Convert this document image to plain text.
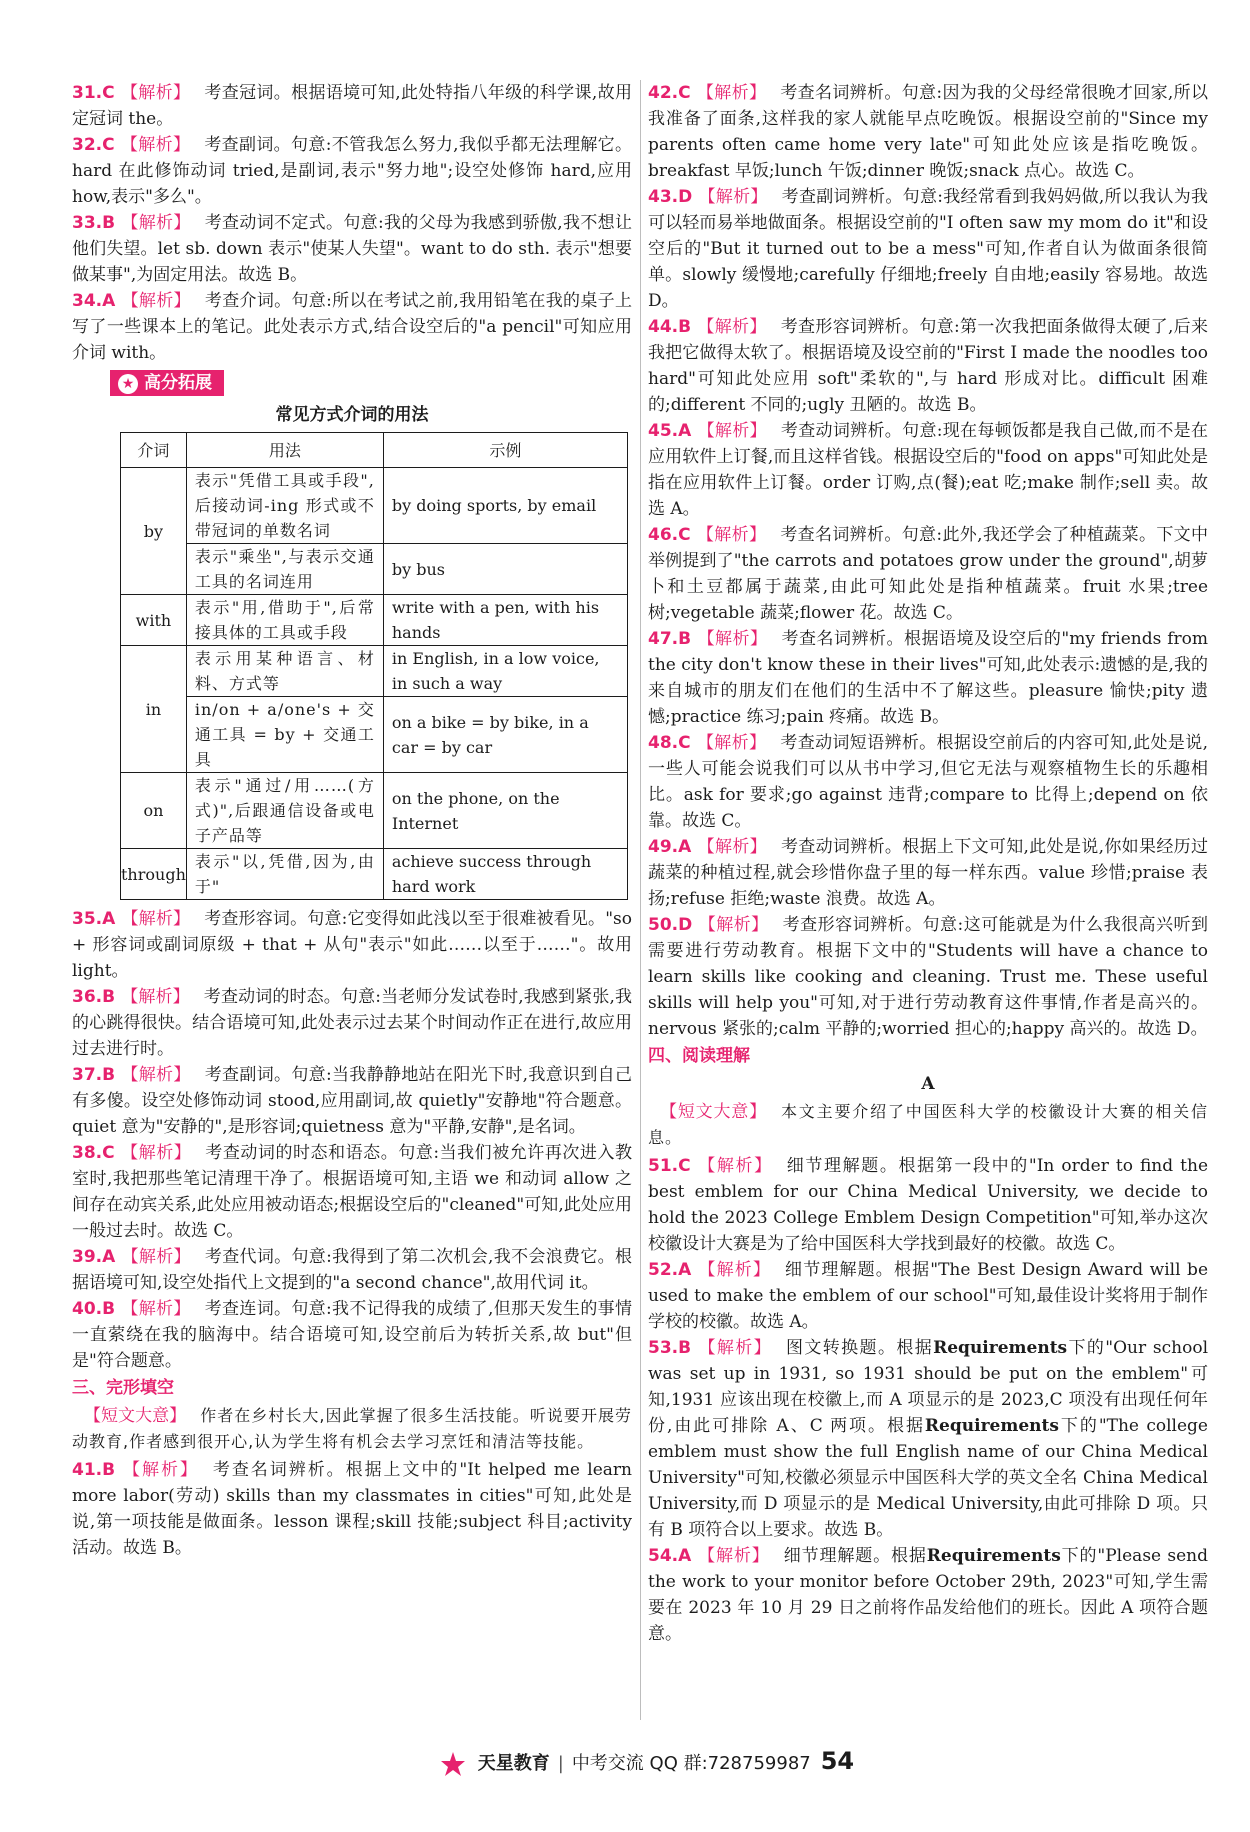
31.C 【解析】 考查冠词。根据语境可知,此处特指八年级的科学课,故用定冠词 the。

32.C 【解析】 考查副词。句意:不管我怎么努力,我似乎都无法理解它。hard 在此修饰动词 tried,是副词,表示"努力地";设空处修饰 hard,应用 how,表示"多么"。

33.B 【解析】 考查动词不定式。句意:我的父母为我感到骄傲,我不想让他们失望。let sb. down 表示"使某人失望"。want to do sth. 表示"想要做某事",为固定用法。故选 B。

34.A 【解析】 考查介词。句意:所以在考试之前,我用铅笔在我的桌子上写了一些课本上的笔记。此处表示方式,结合设空后的"a pencil"可知应用介词 with。

★ 高分拓展
常见方式介词的用法
介词	用法	示例
by	表示"凭借工具或手段",后接动词-ing 形式或不带冠词的单数名词	by doing sports, by email
	表示"乘坐",与表示交通工具的名词连用	by bus
with	表示"用,借助于",后常接具体的工具或手段	write with a pen, with his hands
in	表示用某种语言、材料、方式等	in English, in a low voice, in such a way
	in/on + a/one's + 交通工具 = by + 交通工具	on a bike = by bike, in a car = by car
on	表示"通过/用……(方式)",后跟通信设备或电子产品等	on the phone, on the Internet
through	表示"以,凭借,因为,由于"	achieve success through hard work

35.A 【解析】 考查形容词。句意:它变得如此浅以至于很难被看见。"so + 形容词或副词原级 + that + 从句"表示"如此……以至于……"。故用 light。

36.B 【解析】 考查动词的时态。句意:当老师分发试卷时,我感到紧张,我的心跳得很快。结合语境可知,此处表示过去某个时间动作正在进行,故应用过去进行时。

37.B 【解析】 考查副词。句意:当我静静地站在阳光下时,我意识到自己有多傻。设空处修饰动词 stood,应用副词,故 quietly"安静地"符合题意。quiet 意为"安静的",是形容词;quietness 意为"平静,安静",是名词。

38.C 【解析】 考查动词的时态和语态。句意:当我们被允许再次进入教室时,我把那些笔记清理干净了。根据语境可知,主语 we 和动词 allow 之间存在动宾关系,此处应用被动语态;根据设空后的"cleaned"可知,此处应用一般过去时。故选 C。

39.A 【解析】 考查代词。句意:我得到了第二次机会,我不会浪费它。根据语境可知,设空处指代上文提到的"a second chance",故用代词 it。

40.B 【解析】 考查连词。句意:我不记得我的成绩了,但那天发生的事情一直萦绕在我的脑海中。结合语境可知,设空前后为转折关系,故 but"但是"符合题意。

三、完形填空

【短文大意】 作者在乡村长大,因此掌握了很多生活技能。听说要开展劳动教育,作者感到很开心,认为学生将有机会去学习烹饪和清洁等技能。

41.B 【解析】 考查名词辨析。根据上文中的"It helped me learn more labor(劳动) skills than my classmates in cities"可知,此处是说,第一项技能是做面条。lesson 课程;skill 技能;subject 科目;activity 活动。故选 B。

42.C 【解析】 考查名词辨析。句意:因为我的父母经常很晚才回家,所以我准备了面条,这样我的家人就能早点吃晚饭。根据设空前的"Since my parents often came home very late"可知此处应该是指吃晚饭。breakfast 早饭;lunch 午饭;dinner 晚饭;snack 点心。故选 C。

43.D 【解析】 考查副词辨析。句意:我经常看到我妈妈做,所以我认为我可以轻而易举地做面条。根据设空前的"I often saw my mom do it"和设空后的"But it turned out to be a mess"可知,作者自认为做面条很简单。slowly 缓慢地;carefully 仔细地;freely 自由地;easily 容易地。故选 D。

44.B 【解析】 考查形容词辨析。句意:第一次我把面条做得太硬了,后来我把它做得太软了。根据语境及设空前的"First I made the noodles too hard"可知此处应用 soft"柔软的",与 hard 形成对比。difficult 困难的;different 不同的;ugly 丑陋的。故选 B。

45.A 【解析】 考查动词辨析。句意:现在每顿饭都是我自己做,而不是在应用软件上订餐,而且这样省钱。根据设空后的"food on apps"可知此处是指在应用软件上订餐。order 订购,点(餐);eat 吃;make 制作;sell 卖。故选 A。

46.C 【解析】 考查名词辨析。句意:此外,我还学会了种植蔬菜。下文中举例提到了"the carrots and potatoes grow under the ground",胡萝卜和土豆都属于蔬菜,由此可知此处是指种植蔬菜。fruit 水果;tree 树;vegetable 蔬菜;flower 花。故选 C。

47.B 【解析】 考查名词辨析。根据语境及设空后的"my friends from the city don't know these in their lives"可知,此处表示:遗憾的是,我的来自城市的朋友们在他们的生活中不了解这些。pleasure 愉快;pity 遗憾;practice 练习;pain 疼痛。故选 B。

48.C 【解析】 考查动词短语辨析。根据设空前后的内容可知,此处是说,一些人可能会说我们可以从书中学习,但它无法与观察植物生长的乐趣相比。ask for 要求;go against 违背;compare to 比得上;depend on 依靠。故选 C。

49.A 【解析】 考查动词辨析。根据上下文可知,此处是说,你如果经历过蔬菜的种植过程,就会珍惜你盘子里的每一样东西。value 珍惜;praise 表扬;refuse 拒绝;waste 浪费。故选 A。

50.D 【解析】 考查形容词辨析。句意:这可能就是为什么我很高兴听到需要进行劳动教育。根据下文中的"Students will have a chance to learn skills like cooking and cleaning. Trust me. These useful skills will help you"可知,对于进行劳动教育这件事情,作者是高兴的。nervous 紧张的;calm 平静的;worried 担心的;happy 高兴的。故选 D。

四、阅读理解
A

【短文大意】 本文主要介绍了中国医科大学的校徽设计大赛的相关信息。

51.C 【解析】 细节理解题。根据第一段中的"In order to find the best emblem for our China Medical University, we decide to hold the 2023 College Emblem Design Competition"可知,举办这次校徽设计大赛是为了给中国医科大学找到最好的校徽。故选 C。

52.A 【解析】 细节理解题。根据"The Best Design Award will be used to make the emblem of our school"可知,最佳设计奖将用于制作学校的校徽。故选 A。

53.B 【解析】 图文转换题。根据Requirements下的"Our school was set up in 1931, so 1931 should be put on the emblem"可知,1931 应该出现在校徽上,而 A 项显示的是 2023,C 项没有出现任何年份,由此可排除 A、C 两项。根据Requirements下的"The college emblem must show the full English name of our China Medical University"可知,校徽必须显示中国医科大学的英文全名 China Medical University,而 D 项显示的是 Medical University,由此可排除 D 项。只有 B 项符合以上要求。故选 B。

54.A 【解析】 细节理解题。根据Requirements下的"Please send the work to your monitor before October 29th, 2023"可知,学生需要在 2023 年 10 月 29 日之前将作品发给他们的班长。因此 A 项符合题意。

天星教育 | 中考交流 QQ 群:728759987 54
